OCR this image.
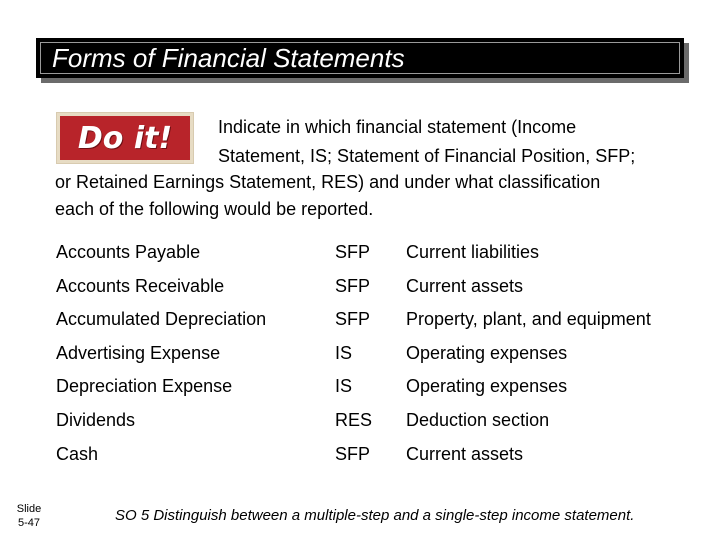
Forms of Financial Statements
Do it!	Indicate in which financial statement (Income
Statement, IS; Statement of Financial Position, SFP;
or Retained Earnings Statement, RES) and under what classification
each of the following would be reported.
Accounts Payable	SFP Current liabilities
Accounts Receivable	SFP Current assets
Accumulated Depreciation	SFP Property, plant, and equipment
Advertising Expense	IS	Operating expenses
Depreciation Expense	IS	Operating expenses
Dividends	RES Deduction section
Cash	SFP Current assets
Slide
5-47	SO 5 Distinguish between a multiple-step and a single-step income statement.
